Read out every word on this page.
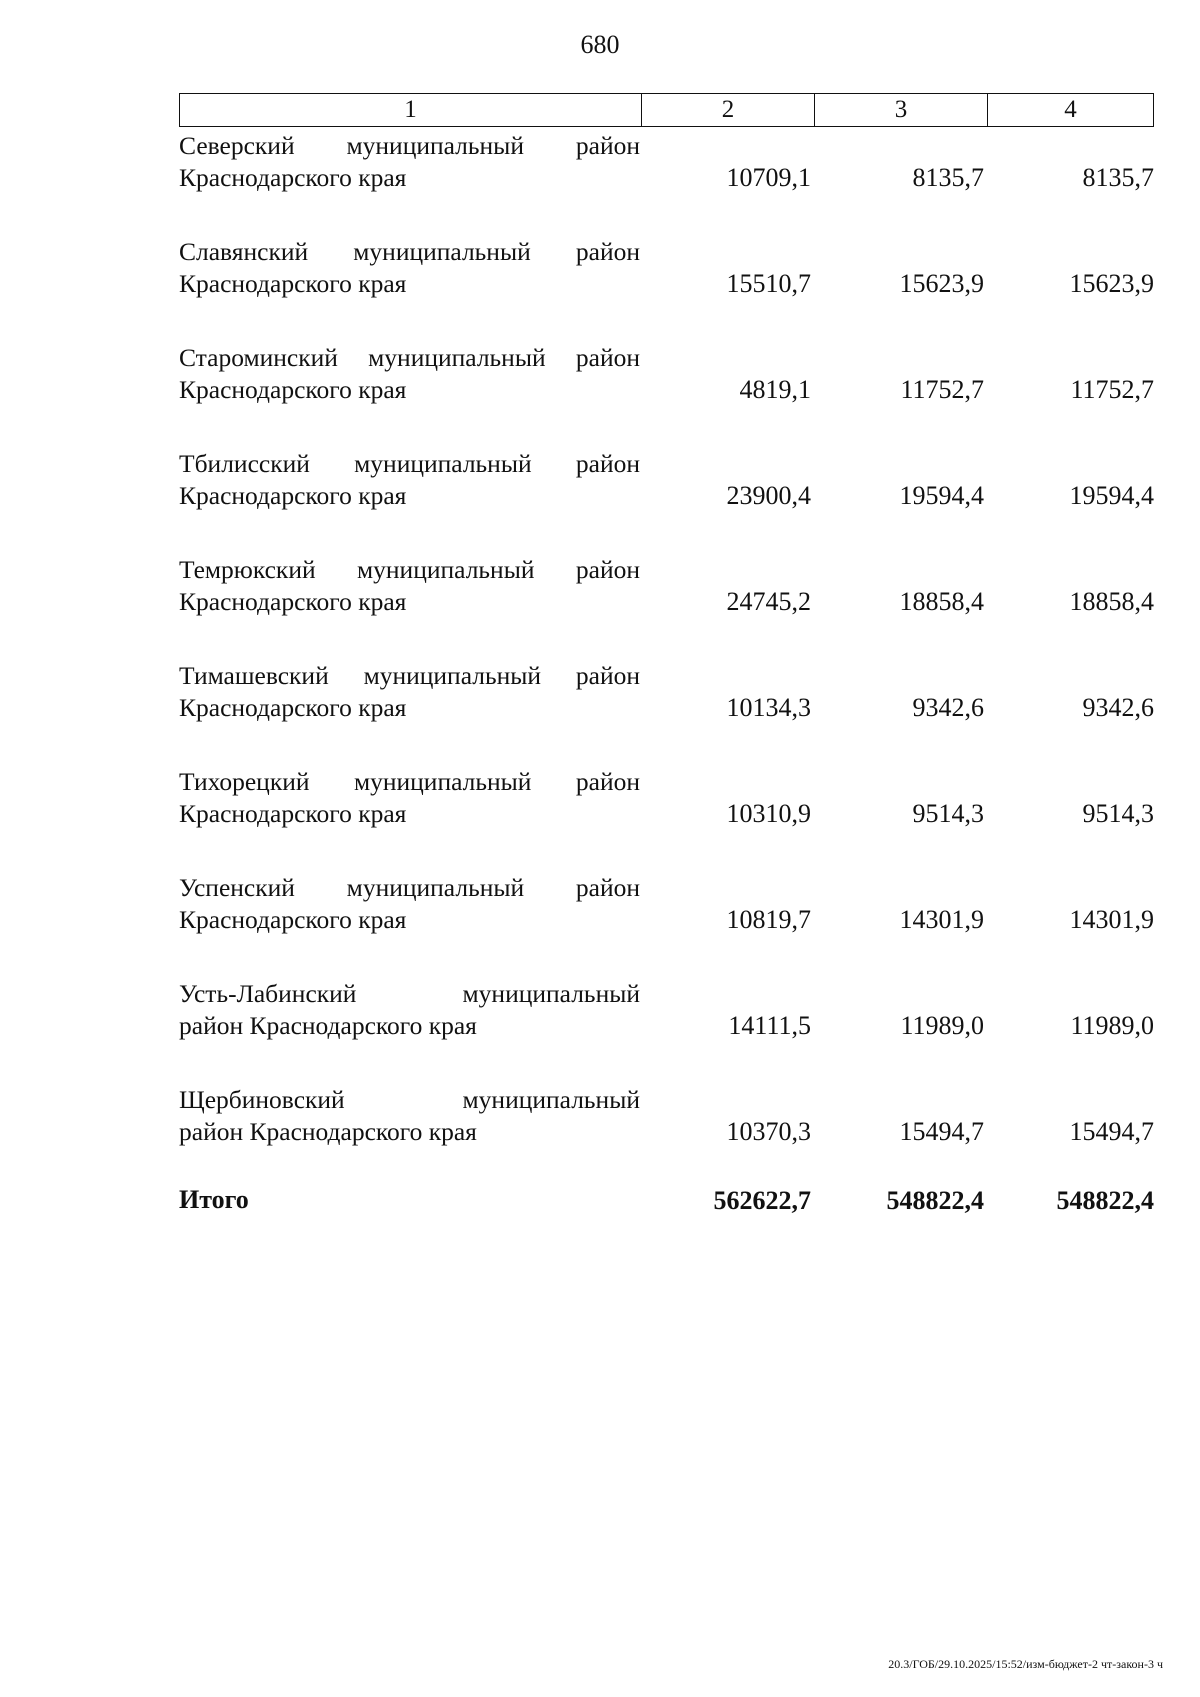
680
1	2	3	4
Северский муниципальный район
Краснодарского края	10709,1	8135,7	8135,7
Славянский муниципальный район
Краснодарского края	15510,7	15623,9	15623,9
Староминский муниципальный район
Краснодарского края	4819,1	11752,7	11752,7
Тбилисский муниципальный район
Краснодарского края	23900,4	19594,4	19594,4
Темрюкский муниципальный район
Краснодарского края	24745,2	18858,4	18858,4
Тимашевский муниципальный район
Краснодарского края	10134,3	9342,6	9342,6
Тихорецкий муниципальный район
Краснодарского края	10310,9	9514,3	9514,3
Успенский муниципальный район
Краснодарского края	10819,7	14301,9	14301,9
Усть-Лабинский муниципальный
район Краснодарского края	14111,5	11989,0	11989,0
Щербиновский муниципальный
район Краснодарского края	10370,3	15494,7	15494,7
Итого	562622,7	548822,4	548822,4
20.3/ГОБ/29.10.2025/15:52/изм-бюджет-2 чт-закон-3 ч
